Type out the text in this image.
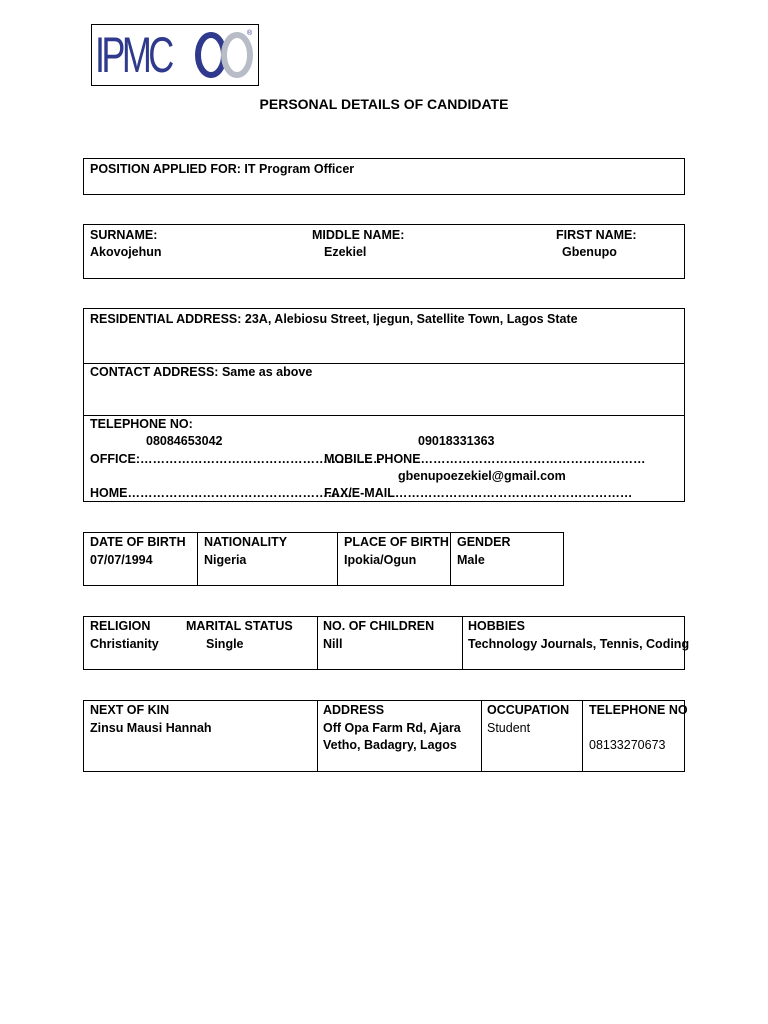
IPMC	®
PERSONAL DETAILS OF CANDIDATE
POSITION APPLIED FOR: IT Program Officer
SURNAME:
Akovojehun
MIDDLE NAME:
Ezekiel
FIRST NAME:
Gbenupo
RESIDENTIAL ADDRESS: 23A, Alebiosu Street, Ijegun, Satellite Town, Lagos State
CONTACT ADDRESS: Same as above
TELEPHONE NO:
08084653042	09018331363
OFFICE:………………………………………………….
MOBILE PHONE………………………………………………
gbenupoezekiel@gmail.com
HOME………………………………………………
FAX/E-MAIL…………………………………………………
DATE OF BIRTH
07/07/1994
NATIONALITY
Nigeria
PLACE OF BIRTH
Ipokia/Ogun
GENDER
Male
RELIGION
Christianity
MARITAL STATUS
Single
NO. OF CHILDREN
Nill
HOBBIES
Technology Journals, Tennis, Coding
NEXT OF KIN
Zinsu Mausi Hannah
ADDRESS
Off Opa Farm Rd, Ajara
Vetho, Badagry, Lagos
OCCUPATION
Student
TELEPHONE NO
08133270673
